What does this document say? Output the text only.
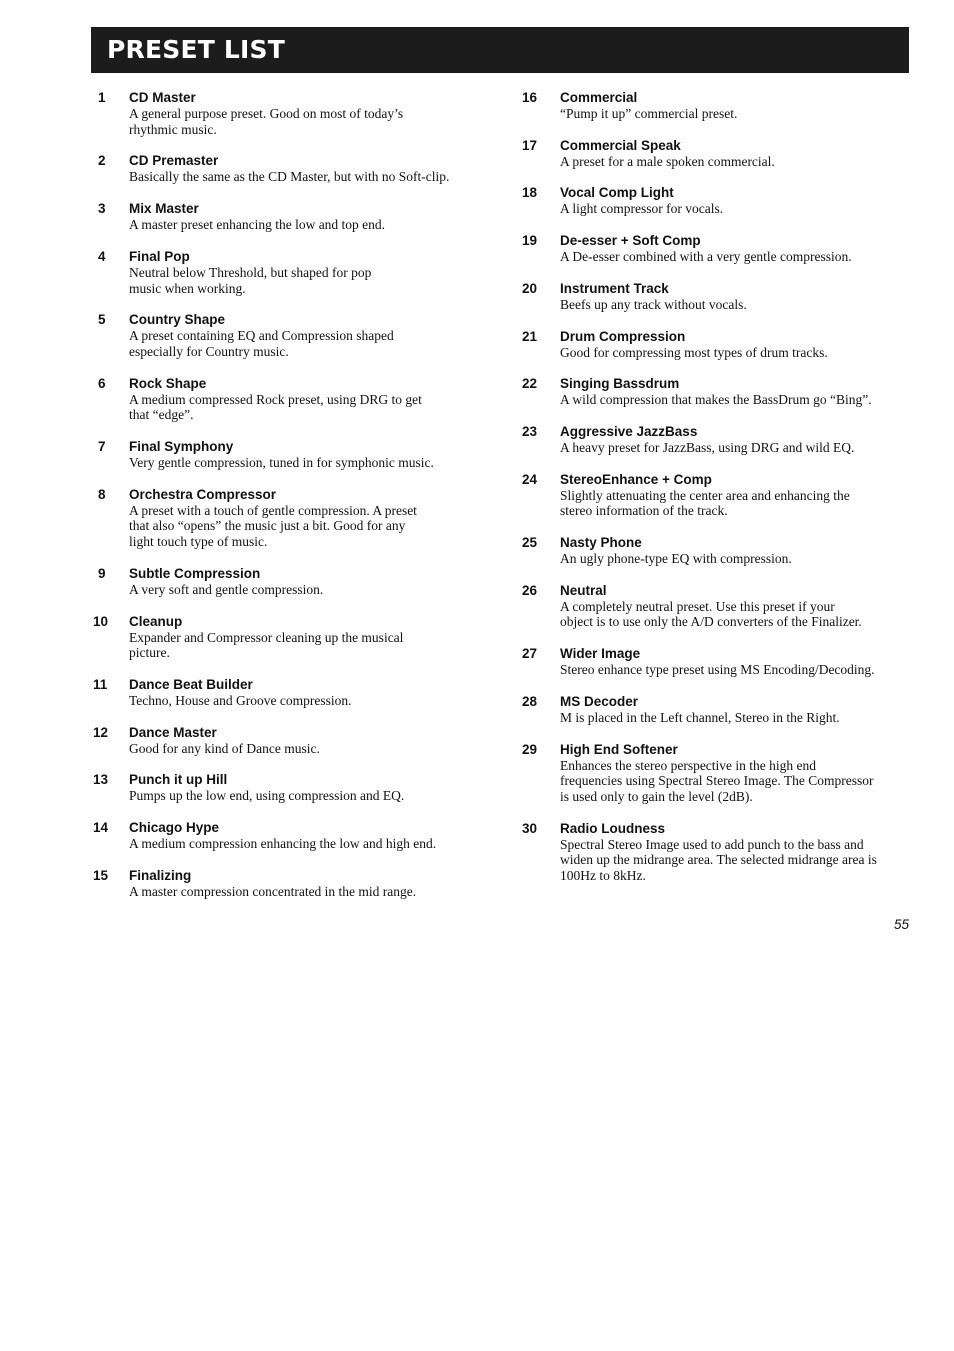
PRESET LIST
1 CD Master
A general purpose preset. Good on most of today’s
rhythmic music.
2 CD Premaster
Basically the same as the CD Master, but with no Soft-clip.
3 Mix Master
A master preset enhancing the low and top end.
4 Final Pop
Neutral below Threshold, but shaped for pop
music when working.
5 Country Shape
A preset containing EQ and Compression shaped
especially for Country music.
6 Rock Shape
A medium compressed Rock preset, using DRG to get
that “edge”.
7 Final Symphony
Very gentle compression, tuned in for symphonic music.
8 Orchestra Compressor
A preset with a touch of gentle compression. A preset
that also “opens” the music just a bit. Good for any
light touch type of music.
9 Subtle Compression
A very soft and gentle compression.
10 Cleanup
Expander and Compressor cleaning up the musical
picture.
11 Dance Beat Builder
Techno, House and Groove compression.
12 Dance Master
Good for any kind of Dance music.
13 Punch it up Hill
Pumps up the low end, using compression and EQ.
14 Chicago Hype
A medium compression enhancing the low and high end.
15 Finalizing
A master compression concentrated in the mid range.
16 Commercial
“Pump it up” commercial preset.
17 Commercial Speak
A preset for a male spoken commercial.
18 Vocal Comp Light
A light compressor for vocals.
19 De-esser + Soft Comp
A De-esser combined with a very gentle compression.
20 Instrument Track
Beefs up any track without vocals.
21 Drum Compression
Good for compressing most types of drum tracks.
22 Singing Bassdrum
A wild compression that makes the BassDrum go “Bing”.
23 Aggressive JazzBass
A heavy preset for JazzBass, using DRG and wild EQ.
24 StereoEnhance + Comp
Slightly attenuating the center area and enhancing the
stereo information of the track.
25 Nasty Phone
An ugly phone-type EQ with compression.
26 Neutral
A completely neutral preset. Use this preset if your
object is to use only the A/D converters of the Finalizer.
27 Wider Image
Stereo enhance type preset using MS Encoding/Decoding.
28 MS Decoder
M is placed in the Left channel, Stereo in the Right.
29 High End Softener
Enhances the stereo perspective in the high end
frequencies using Spectral Stereo Image. The Compressor
is used only to gain the level (2dB).
30 Radio Loudness
Spectral Stereo Image used to add punch to the bass and
widen up the midrange area. The selected midrange area is
100Hz to 8kHz.
55
